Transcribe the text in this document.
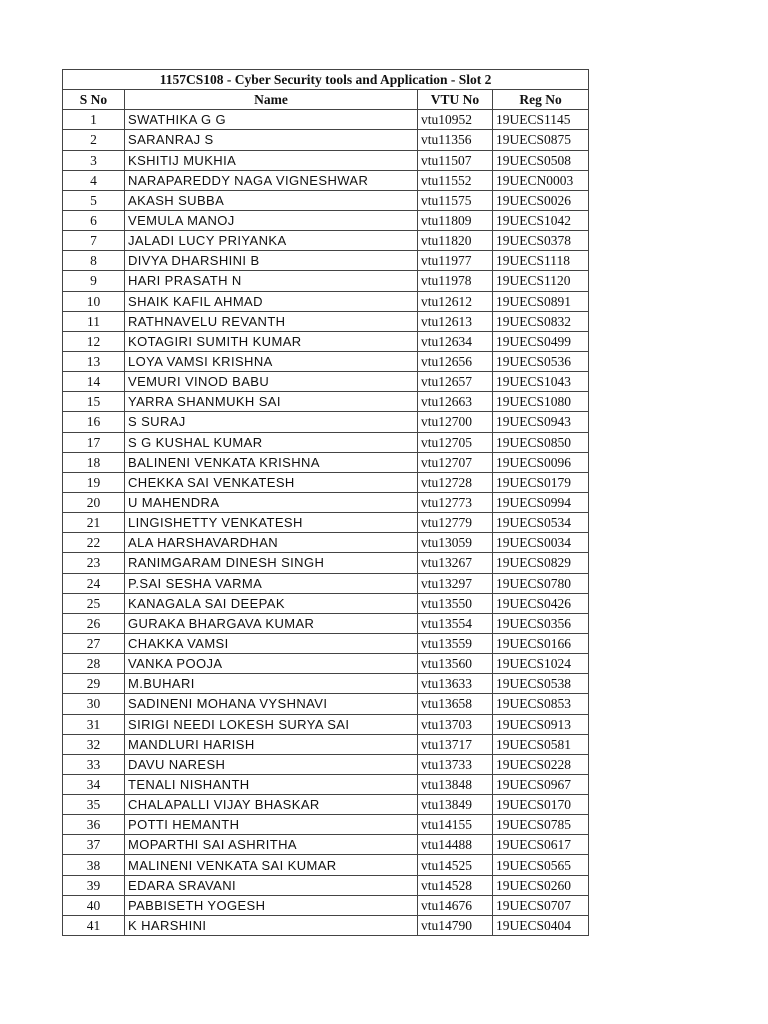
1157CS108 - Cyber Security tools and Application - Slot 2			
S No	Name	VTU No	Reg No
1	SWATHIKA G G	vtu10952	19UECS1145
2	SARANRAJ S	vtu11356	19UECS0875
3	KSHITIJ MUKHIA	vtu11507	19UECS0508
4	NARAPAREDDY NAGA VIGNESHWAR	vtu11552	19UECN0003
5	AKASH SUBBA	vtu11575	19UECS0026
6	VEMULA MANOJ	vtu11809	19UECS1042
7	JALADI LUCY PRIYANKA	vtu11820	19UECS0378
8	DIVYA DHARSHINI B	vtu11977	19UECS1118
9	HARI PRASATH N	vtu11978	19UECS1120
10	SHAIK KAFIL AHMAD	vtu12612	19UECS0891
11	RATHNAVELU REVANTH	vtu12613	19UECS0832
12	KOTAGIRI SUMITH KUMAR	vtu12634	19UECS0499
13	LOYA VAMSI KRISHNA	vtu12656	19UECS0536
14	VEMURI VINOD BABU	vtu12657	19UECS1043
15	YARRA SHANMUKH SAI	vtu12663	19UECS1080
16	S SURAJ	vtu12700	19UECS0943
17	S G KUSHAL KUMAR	vtu12705	19UECS0850
18	BALINENI VENKATA KRISHNA	vtu12707	19UECS0096
19	CHEKKA SAI VENKATESH	vtu12728	19UECS0179
20	U MAHENDRA	vtu12773	19UECS0994
21	LINGISHETTY VENKATESH	vtu12779	19UECS0534
22	ALA HARSHAVARDHAN	vtu13059	19UECS0034
23	RANIMGARAM DINESH SINGH	vtu13267	19UECS0829
24	P.SAI SESHA VARMA	vtu13297	19UECS0780
25	KANAGALA SAI DEEPAK	vtu13550	19UECS0426
26	GURAKA BHARGAVA KUMAR	vtu13554	19UECS0356
27	CHAKKA VAMSI	vtu13559	19UECS0166
28	VANKA POOJA	vtu13560	19UECS1024
29	M.BUHARI	vtu13633	19UECS0538
30	SADINENI MOHANA VYSHNAVI	vtu13658	19UECS0853
31	SIRIGI NEEDI LOKESH SURYA SAI	vtu13703	19UECS0913
32	MANDLURI HARISH	vtu13717	19UECS0581
33	DAVU NARESH	vtu13733	19UECS0228
34	TENALI NISHANTH	vtu13848	19UECS0967
35	CHALAPALLI VIJAY BHASKAR	vtu13849	19UECS0170
36	POTTI HEMANTH	vtu14155	19UECS0785
37	MOPARTHI SAI ASHRITHA	vtu14488	19UECS0617
38	MALINENI VENKATA SAI KUMAR	vtu14525	19UECS0565
39	EDARA SRAVANI	vtu14528	19UECS0260
40	PABBISETH YOGESH	vtu14676	19UECS0707
41	K HARSHINI	vtu14790	19UECS0404
